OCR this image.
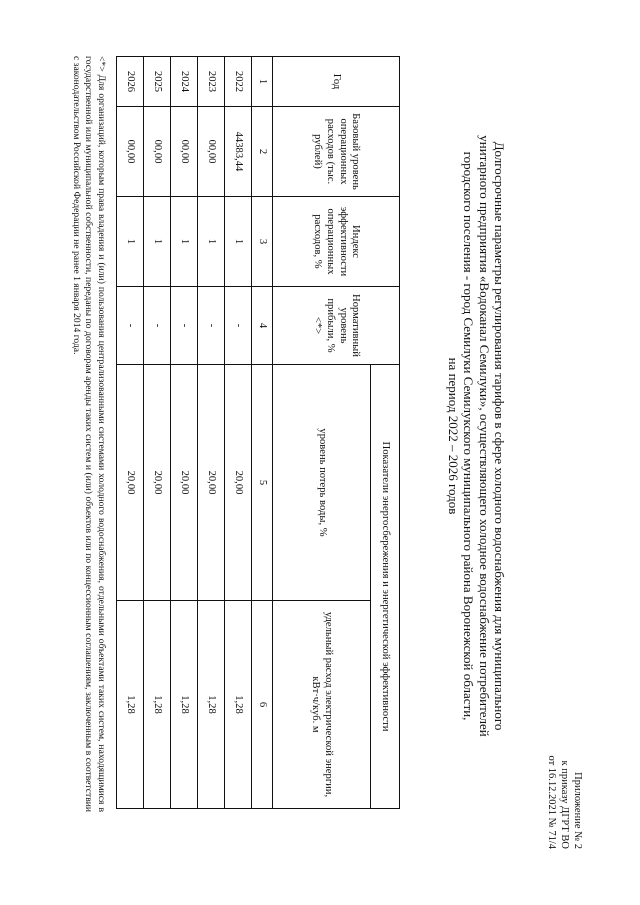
Приложение № 2
к приказу ДГРТ ВО
от 16.12.2021 № 71/4
Долгосрочные параметры регулирования тарифов в сфере холодного водоснабжения для муниципального
унитарного предприятия «Водоканал Семилуки», осуществляющего холодное водоснабжение потребителей
городского поселения - город Семилуки Семилукского муниципального района Воронежской области,
на период 2022 – 2026 годов
Год	Базовый уровень операционных расходов (тыс. рублей)	Индекс эффективности операционных расходов, %	Нормативный уровень прибыли, % <*>	Показатели энергосбережения и энергетической эффективности	
				уровень потерь воды, %	удельный расход электрической энергии, кВт·ч/куб. м
1	2	3	4	5	6
2022	44383,44	1	-	20,00	1,28
2023	00,00	1	-	20,00	1,28
2024	00,00	1	-	20,00	1,28
2025	00,00	1	-	20,00	1,28
2026	00,00	1	-	20,00	1,28
<*> Для организаций, которым права владения и (или) пользования централизованными системами холодного водоснабжения, отдельными объектами таких систем, находящимися в государственной или муниципальной собственности, переданы по договорам аренды таких систем и (или) объектов или по концессионным соглашениям, заключенным в соответствии с законодательством Российской Федерации не ранее 1 января 2014 года.
